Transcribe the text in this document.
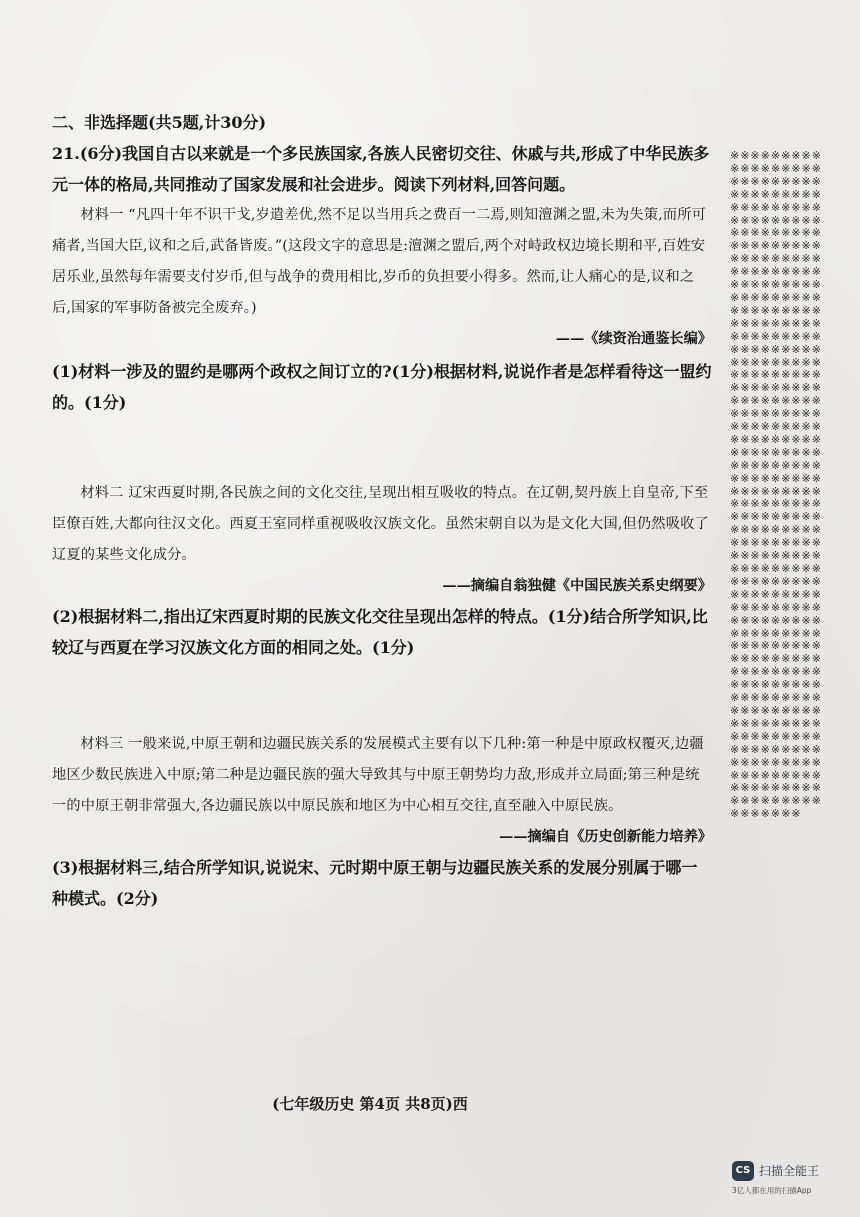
二、非选择题(共5题,计30分)

21.(6分)我国自古以来就是一个多民族国家,各族人民密切交往、休戚与共,形成了中华民族多元一体的格局,共同推动了国家发展和社会进步。阅读下列材料,回答问题。

材料一 “凡四十年不识干戈,岁遣差优,然不足以当用兵之费百一二焉,则知澶渊之盟,未为失策,而所可痛者,当国大臣,议和之后,武备皆废。”(这段文字的意思是:澶渊之盟后,两个对峙政权边境长期和平,百姓安居乐业,虽然每年需要支付岁币,但与战争的费用相比,岁币的负担要小得多。然而,让人痛心的是,议和之后,国家的军事防备被完全废弃。)

——《续资治通鉴长编》

(1)材料一涉及的盟约是哪两个政权之间订立的?(1分)根据材料,说说作者是怎样看待这一盟约的。(1分)

材料二 辽宋西夏时期,各民族之间的文化交往,呈现出相互吸收的特点。在辽朝,契丹族上自皇帝,下至臣僚百姓,大都向往汉文化。西夏王室同样重视吸收汉族文化。虽然宋朝自以为是文化大国,但仍然吸收了辽夏的某些文化成分。

——摘编自翁独健《中国民族关系史纲要》

(2)根据材料二,指出辽宋西夏时期的民族文化交往呈现出怎样的特点。(1分)结合所学知识,比较辽与西夏在学习汉族文化方面的相同之处。(1分)

材料三 一般来说,中原王朝和边疆民族关系的发展模式主要有以下几种:第一种是中原政权覆灭,边疆地区少数民族进入中原;第二种是边疆民族的强大导致其与中原王朝势均力敌,形成并立局面;第三种是统一的中原王朝非常强大,各边疆民族以中原民族和地区为中心相互交往,直至融入中原民族。

——摘编自《历史创新能力培养》

(3)根据材料三,结合所学知识,说说宋、元时期中原王朝与边疆民族关系的发展分别属于哪一种模式。(2分)

※※※※※※※※※※※※※※※※※※※※※※※※※※※※※※※※※※※※※※※※※※※※※※※※※※※※※※※※※※※※※※※※※※※※※※※※※※※※※※※※※※※※※※※※※※※※※※※※※※※※※※※※※※※※※※※※※※※※※※※※※※※※※※※※※※※※※※※※※※※※※※※※※※※※※※※※※※※※※※※※※※※※※※※※※※※※※※※※※※※※※※※※※※※※※※※※※※※※※※※※※※※※※※※※※※※※※※※※※※※※※※※※※※※※※※※※※※※※※※※※※※※※※※※※※※※※※※※※※※※※※※※※※※※※※※※※※※※※※※※※※※※※※※※※※※※※※※※※※※※※※※※※※※※※※※※※※※※※※※※※※※※※※※※※※※※※※※※※※※※※※※※※※※※※※※※※※※※※※※※※※※※※※※※※※※※※※※※※※※※※※※※※※※※※※※※※※※※※※※※※※※※※※※※※※※※※※※※※※※※※※※※※※※※※※※※※※※※※※※※※※※※※※※※※※※※※※※※※※※※※※※※※※※
(七年级历史 第4页 共8页)西
CS 扫描全能王
3亿人都在用的扫描App
